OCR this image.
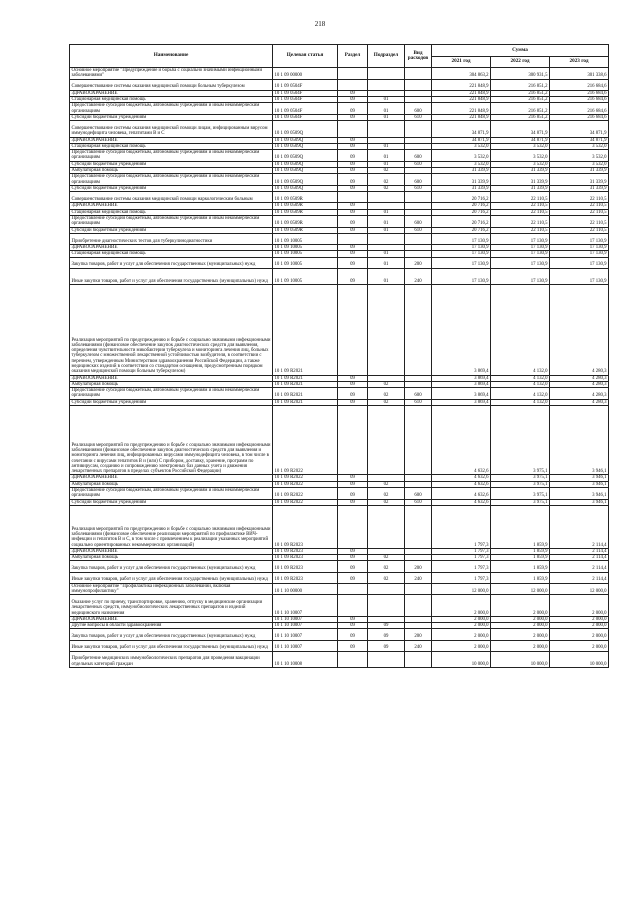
218
Наименование	Целевая статья	Раздел	Подраздел	Вид расходов	Сумма		
					2021 год	2022 год	2023 год
Основное мероприятие "Предупреждение и борьба с социально значимыми инфекционными заболеваниями"	10 1 09 00000				304 863,2	300 931,5	301 338,6
Совершенствование системы оказания медицинской помощи больным туберкулезом	10 1 09 0504F				221 848,9	216 851,2	216 684,6
ЗДРАВООХРАНЕНИЕ	10 1 09 0504F	09			221 848,9	216 851,2	216 684,6
Стационарная медицинская помощь	10 1 09 0504F	09	01		221 848,9	216 851,2	216 684,6
Предоставление субсидий бюджетным, автономным учреждениям и иным некоммерческим организациям	10 1 09 0504F	09	01	600	221 848,9	216 851,2	216 684,6
Субсидии бюджетным учреждениям	10 1 09 0504F	09	01	610	221 848,9	216 851,2	216 684,6
Совершенствование системы оказания медицинской помощи лицам, инфицированным вирусом иммунодефицита человека, гепатитами В и С	10 1 09 0509Q				34 871,9	34 871,9	34 871,9
ЗДРАВООХРАНЕНИЕ	10 1 09 0509Q	09			34 871,9	34 871,9	34 871,9
Стационарная медицинская помощь	10 1 09 0509Q	09	01		3 532,0	3 532,0	3 532,0
Предоставление субсидий бюджетным, автономным учреждениям и иным некоммерческим организациям	10 1 09 0509Q	09	01	600	3 532,0	3 532,0	3 532,0
Субсидии бюджетным учреждениям	10 1 09 0509Q	09	01	610	3 532,0	3 532,0	3 532,0
Амбулаторная помощь	10 1 09 0509Q	09	02		31 339,9	31 339,9	31 339,9
Предоставление субсидий бюджетным, автономным учреждениям и иным некоммерческим организациям	10 1 09 0509Q	09	02	600	31 339,9	31 339,9	31 339,9
Субсидии бюджетным учреждениям	10 1 09 0509Q	09	02	610	31 339,9	31 339,9	31 339,9
Совершенствование системы оказания медицинской помощи наркологическим больным	10 1 09 0509R				20 716,2	22 110,5	22 110,5
ЗДРАВООХРАНЕНИЕ	10 1 09 0509R	09			20 716,2	22 110,5	22 110,5
Стационарная медицинская помощь	10 1 09 0509R	09	01		20 716,2	22 110,5	22 110,5
Предоставление субсидий бюджетным, автономным учреждениям и иным некоммерческим организациям	10 1 09 0509R	09	01	600	20 716,2	22 110,5	22 110,5
Субсидии бюджетным учреждениям	10 1 09 0509R	09	01	610	20 716,2	22 110,5	22 110,5
Приобретение диагностических тестов для туберкулинодиагностики	10 1 09 10005				17 130,9	17 130,9	17 130,9
ЗДРАВООХРАНЕНИЕ	10 1 09 10005	09			17 130,9	17 130,9	17 130,9
Стационарная медицинская помощь	10 1 09 10005	09	01		17 130,9	17 130,9	17 130,9
Закупка товаров, работ и услуг для обеспечения государственных (муниципальных) нужд	10 1 09 10005	09	01	200	17 130,9	17 130,9	17 130,9
Иные закупки товаров, работ и услуг для обеспечения государственных (муниципальных) нужд	10 1 09 10005	09	01	240	17 130,9	17 130,9	17 130,9
Реализация мероприятий по предупреждению и борьбе с социально значимыми инфекционными заболеваниями (финансовое обеспечение закупок диагностических средств для выявления, определения чувствительности микобактерии туберкулеза и мониторинга лечения лиц, больных туберкулезом с множественной лекарственной устойчивостью возбудителя, в соответствии с перечнем, утвержденным Министерством здравоохранения Российской Федерации, а также медицинских изделий в соответствии со стандартом оснащения, предусмотренным порядком оказания медицинской помощи больным туберкулезом)	10 1 09 R2021				3 869,4	4 132,0	4 280,3
ЗДРАВООХРАНЕНИЕ	10 1 09 R2021	09			3 869,4	4 132,0	4 280,3
Амбулаторная помощь	10 1 09 R2021	09	02		3 869,4	4 132,0	4 280,3
Предоставление субсидий бюджетным, автономным учреждениям и иным некоммерческим организациям	10 1 09 R2021	09	02	600	3 869,4	4 132,0	4 280,3
Субсидии бюджетным учреждениям	10 1 09 R2021	09	02	610	3 869,4	4 132,0	4 280,3
Реализация мероприятий по предупреждению и борьбе с социально значимыми инфекционными заболеваниями (финансовое обеспечение закупок диагностических средств для выявления и мониторинга лечения лиц, инфицированных вирусами иммунодефицита человека, в том числе в сочетании с вирусами гепатитов В и (или) С прибором, доставку, хранение, программ по антивирусам, созданию и сопровождению электронных баз данных учета и движения лекарственных препаратов в пределах субъектов Российской Федерации)	10 1 09 R2022				4 632,6	3 975,1	3 946,1
ЗДРАВООХРАНЕНИЕ	10 1 09 R2022	09			4 632,6	3 975,1	3 946,1
Амбулаторная помощь	10 1 09 R2022	09	02		4 632,6	3 975,1	3 946,1
Предоставление субсидий бюджетным, автономным учреждениям и иным некоммерческим организациям	10 1 09 R2022	09	02	600	4 632,6	3 975,1	3 946,1
Субсидии бюджетным учреждениям	10 1 09 R2022	09	02	610	4 632,6	3 975,1	3 946,1
Реализация мероприятий по предупреждению и борьбе с социально значимыми инфекционными заболеваниями (финансовое обеспечение реализации мероприятий по профилактике ВИЧ-инфекции и гепатитов В и С, в том числе с привлечением к реализации указанных мероприятий социально ориентированных некоммерческих организаций)	10 1 09 R2023				1 797,3	1 859,9	2 114,4
ЗДРАВООХРАНЕНИЕ	10 1 09 R2023	09			1 797,3	1 859,9	2 114,4
Амбулаторная помощь	10 1 09 R2023	09	02		1 797,3	1 859,9	2 114,4
Закупка товаров, работ и услуг для обеспечения государственных (муниципальных) нужд	10 1 09 R2023	09	02	200	1 797,3	1 859,9	2 114,4
Иные закупки товаров, работ и услуг для обеспечения государственных (муниципальных) нужд	10 1 09 R2023	09	02	240	1 797,3	1 859,9	2 114,4
Основное мероприятие "Профилактика инфекционных заболеваний, включая иммунопрофилактику"	10 1 10 00000				12 000,0	12 000,0	12 000,0
Оказание услуг по приему, транспортировке, хранению, отпуску в медицинские организации лекарственных средств, иммунобиологических лекарственных препаратов и изделий медицинского назначения	10 1 10 10007				2 000,0	2 000,0	2 000,0
ЗДРАВООХРАНЕНИЕ	10 1 10 10007	09			2 000,0	2 000,0	2 000,0
Другие вопросы в области здравоохранения	10 1 10 10007	09	09		2 000,0	2 000,0	2 000,0
Закупка товаров, работ и услуг для обеспечения государственных (муниципальных) нужд	10 1 10 10007	09	09	200	2 000,0	2 000,0	2 000,0
Иные закупки товаров, работ и услуг для обеспечения государственных (муниципальных) нужд	10 1 10 10007	09	09	240	2 000,0	2 000,0	2 000,0
Приобретение медицинских иммунобиологических препаратов для проведения вакцинации отдельных категорий граждан	10 1 10 10008				10 000,0	10 000,0	10 000,0
